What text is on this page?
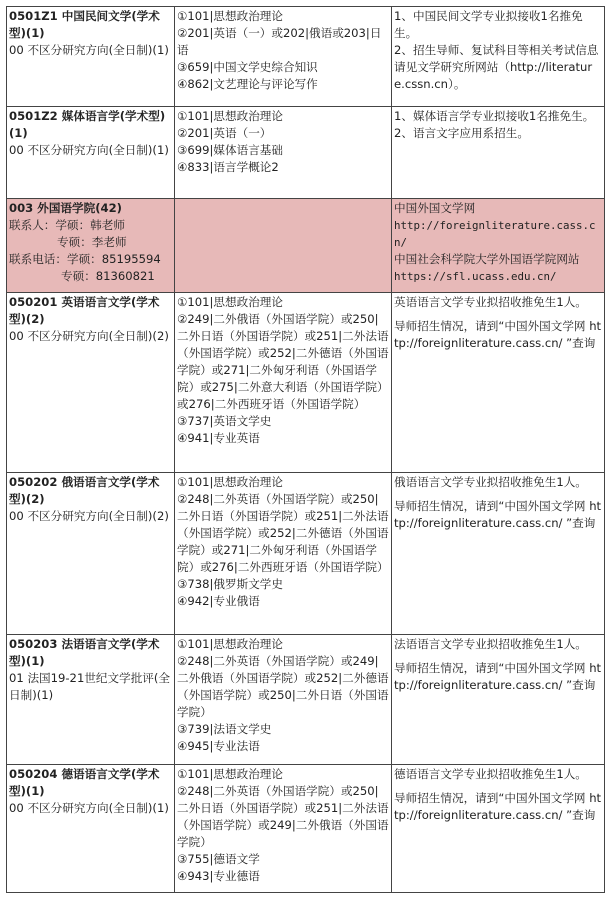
0501Z1 中国民间文学(学术型)(1)
00 不区分研究方向(全日制)(1)	①101|思想政治理论
②201|英语（一）或202|俄语或203|日语
③659|中国文学史综合知识
④862|文艺理论与评论写作	1、中国民间文学专业拟接收1名推免生。
2、招生导师、复试科目等相关考试信息请见文学研究所网站（http://literature.cssn.cn）。

0501Z2 媒体语言学(学术型)(1)
00 不区分研究方向(全日制)(1)	①101|思想政治理论
②201|英语（一）
③699|媒体语言基础
④833|语言学概论2	1、媒体语言学专业拟接收1名推免生。
2、语言文字应用系招生。

003 外国语学院(42)
联系人：学硕：韩老师
专硕：李老师
联系电话：学硕：85195594
专硕：81360821		中国外国文学网
http://foreignliterature.cass.cn/
中国社会科学院大学外国语学院网站
https://sfl.ucass.edu.cn/

050201 英语语言文学(学术型)(2)
00 不区分研究方向(全日制)(2)	①101|思想政治理论
②249|二外俄语（外国语学院）或250|二外日语（外国语学院）或251|二外法语（外国语学院）或252|二外德语（外国语学院）或271|二外匈牙利语（外国语学院）或275|二外意大利语（外国语学院）或276|二外西班牙语（外国语学院）
③737|英语文学史
④941|专业英语	英语语言文学专业拟招收推免生1人。
导师招生情况，请到“中国外国文学网 http://foreignliterature.cass.cn/ ”查询

050202 俄语语言文学(学术型)(2)
00 不区分研究方向(全日制)(2)	①101|思想政治理论
②248|二外英语（外国语学院）或250|二外日语（外国语学院）或251|二外法语（外国语学院）或252|二外德语（外国语学院）或271|二外匈牙利语（外国语学院）或276|二外西班牙语（外国语学院）
③738|俄罗斯文学史
④942|专业俄语	俄语语言文学专业拟招收推免生1人。
导师招生情况，请到“中国外国文学网 http://foreignliterature.cass.cn/ ”查询

050203 法语语言文学(学术型)(1)
01 法国19-21世纪文学批评(全日制)(1)	①101|思想政治理论
②248|二外英语（外国语学院）或249|二外俄语（外国语学院）或252|二外德语（外国语学院）或250|二外日语（外国语学院）
③739|法语文学史
④945|专业法语	法语语言文学专业拟招收推免生1人。
导师招生情况，请到“中国外国文学网 http://foreignliterature.cass.cn/ ”查询

050204 德语语言文学(学术型)(1)
00 不区分研究方向(全日制)(1)	①101|思想政治理论
②248|二外英语（外国语学院）或250|二外日语（外国语学院）或251|二外法语（外国语学院）或249|二外俄语（外国语学院）
③755|德语文学
④943|专业德语	德语语言文学专业拟招收推免生1人。
导师招生情况，请到“中国外国文学网 http://foreignliterature.cass.cn/ ”查询
